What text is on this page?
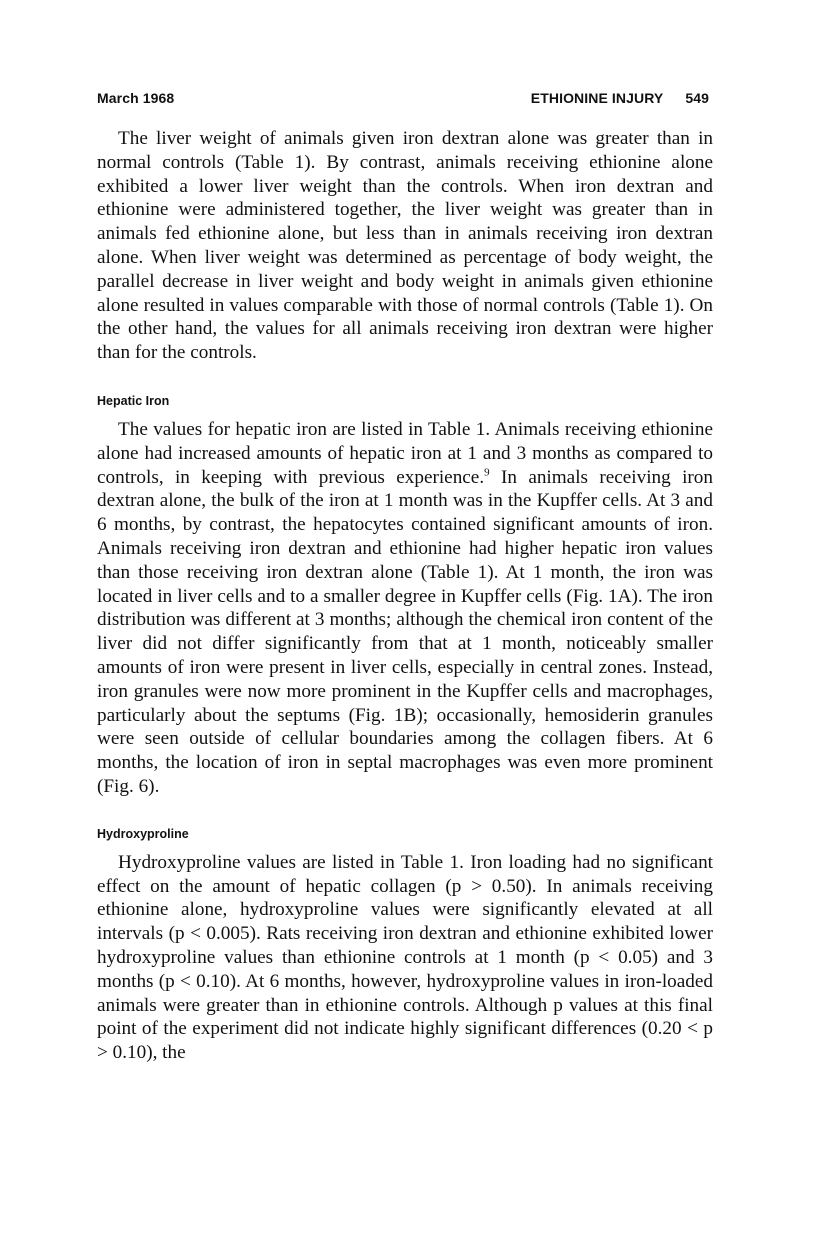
March 1968	ETHIONINE INJURY 549

The liver weight of animals given iron dextran alone was greater than in normal controls (Table 1). By contrast, animals receiving ethionine alone exhibited a lower liver weight than the controls. When iron dextran and ethionine were administered together, the liver weight was greater than in animals fed ethionine alone, but less than in animals receiving iron dextran alone. When liver weight was determined as percentage of body weight, the parallel decrease in liver weight and body weight in animals given ethionine alone resulted in values comparable with those of normal controls (Table 1). On the other hand, the values for all animals receiving iron dextran were higher than for the controls.

Hepatic Iron

The values for hepatic iron are listed in Table 1. Animals receiving ethionine alone had increased amounts of hepatic iron at 1 and 3 months as compared to controls, in keeping with previous experience.$^9$ In animals receiving iron dextran alone, the bulk of the iron at 1 month was in the Kupffer cells. At 3 and 6 months, by contrast, the hepatocytes contained significant amounts of iron. Animals receiving iron dextran and ethionine had higher hepatic iron values than those receiving iron dextran alone (Table 1). At 1 month, the iron was located in liver cells and to a smaller degree in Kupffer cells (Fig. 1A). The iron distribution was different at 3 months; although the chemical iron content of the liver did not differ significantly from that at 1 month, noticeably smaller amounts of iron were present in liver cells, especially in central zones. Instead, iron granules were now more prominent in the Kupffer cells and macrophages, particularly about the septums (Fig. 1B); occasionally, hemosiderin granules were seen outside of cellular boundaries among the collagen fibers. At 6 months, the location of iron in septal macrophages was even more prominent (Fig. 6).

Hydroxyproline

Hydroxyproline values are listed in Table 1. Iron loading had no significant effect on the amount of hepatic collagen (p > 0.50). In animals receiving ethionine alone, hydroxyproline values were significantly elevated at all intervals (p < 0.005). Rats receiving iron dextran and ethionine exhibited lower hydroxyproline values than ethionine controls at 1 month (p < 0.05) and 3 months (p < 0.10). At 6 months, however, hydroxyproline values in iron-loaded animals were greater than in ethionine controls. Although p values at this final point of the experiment did not indicate highly significant differences (0.20 < p > 0.10), the
